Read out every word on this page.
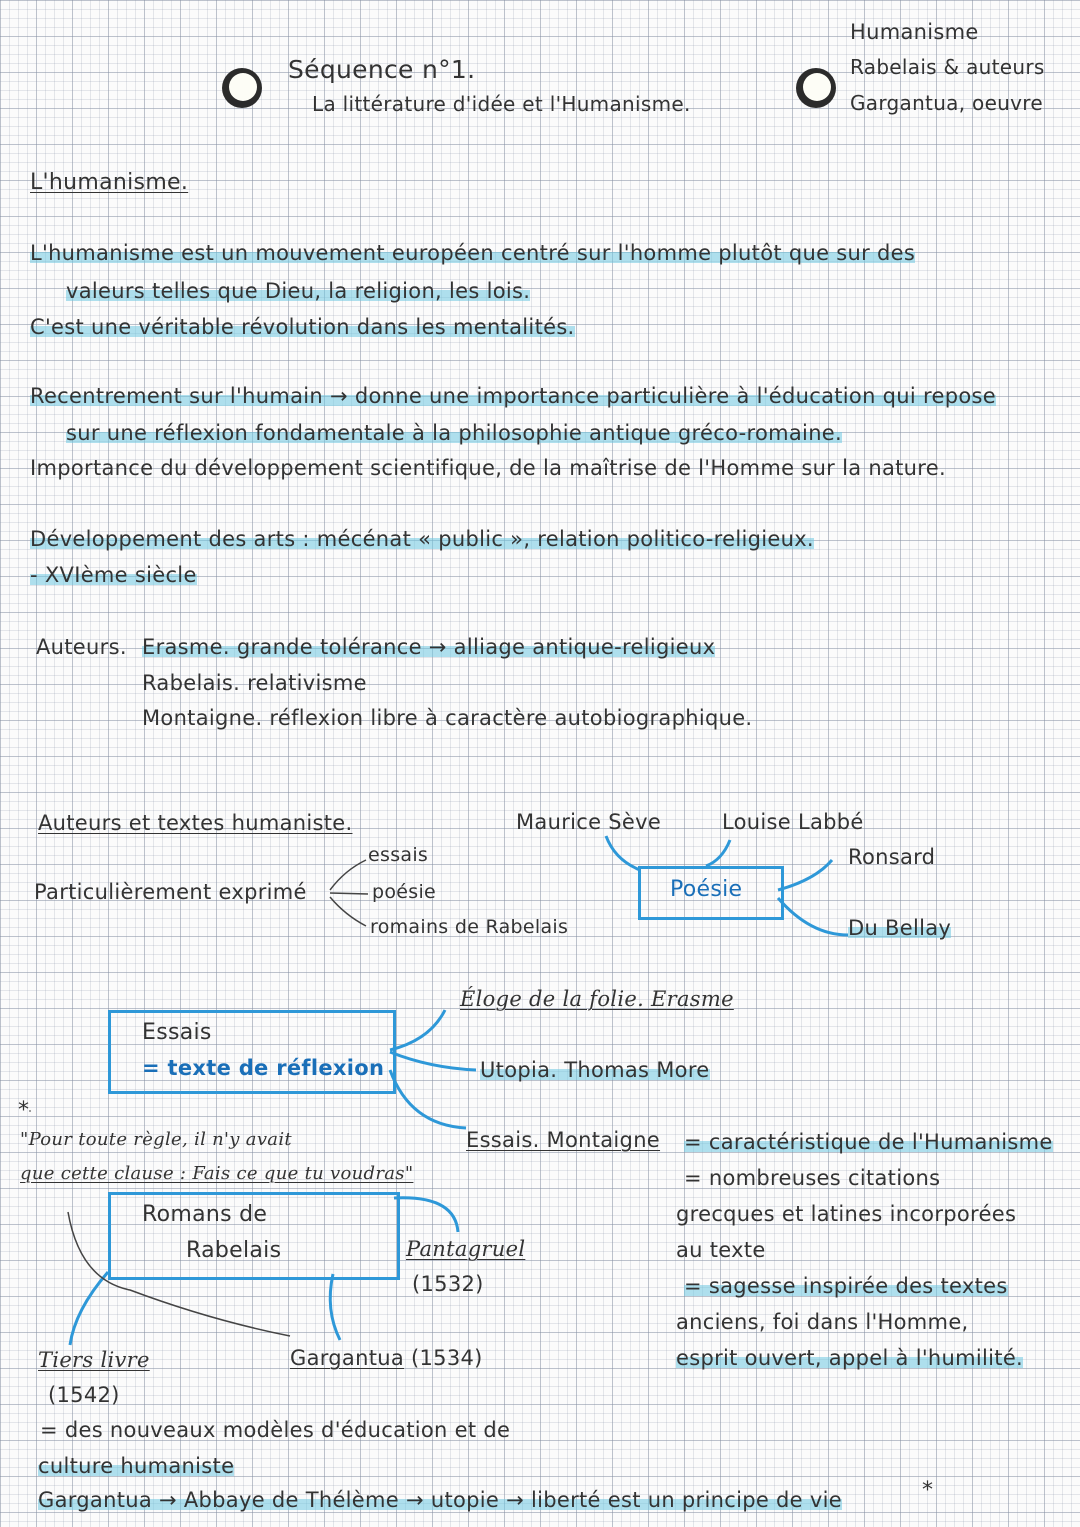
Séquence n°1.
La littérature d'idée et l'Humanisme.
Humanisme
Rabelais & auteurs
Gargantua, oeuvre
L'humanisme.
L'humanisme est un mouvement européen centré sur l'homme plutôt que sur des
valeurs telles que Dieu, la religion, les lois.
C'est une véritable révolution dans les mentalités.
Recentrement sur l'humain → donne une importance particulière à l'éducation qui repose
sur une réflexion fondamentale à la philosophie antique gréco-romaine.
Importance du développement scientifique, de la maîtrise de l'Homme sur la nature.
Développement des arts : mécénat « public », relation politico-religieux.
- XVIème siècle
Auteurs. Erasme. grande tolérance → alliage antique-religieux
Rabelais. relativisme
Montaigne. réflexion libre à caractère autobiographique.
Auteurs et textes humaniste.
Particulièrement exprimé
essais
poésie
romains de Rabelais
Maurice Sève	Louise Labbé
Ronsard
Du Bellay
Poésie
Essais
= texte de réflexion
Éloge de la folie. Erasme
Utopia. Thomas More
Essais. Montaigne = caractéristique de l'Humanisme
= nombreuses citations
grecques et latines incorporées
au texte
= sagesse inspirée des textes
anciens, foi dans l'Homme,
esprit ouvert, appel à l'humilité.
*
"Pour toute règle, il n'y avait
que cette clause : Fais ce que tu voudras"
Romans de
Rabelais	Pantagruel
(1532)
Gargantua (1534)
Tiers livre
(1542)
= des nouveaux modèles d'éducation et de
culture humaniste
Gargantua → Abbaye de Thélème → utopie → liberté est un principe de vie	*
